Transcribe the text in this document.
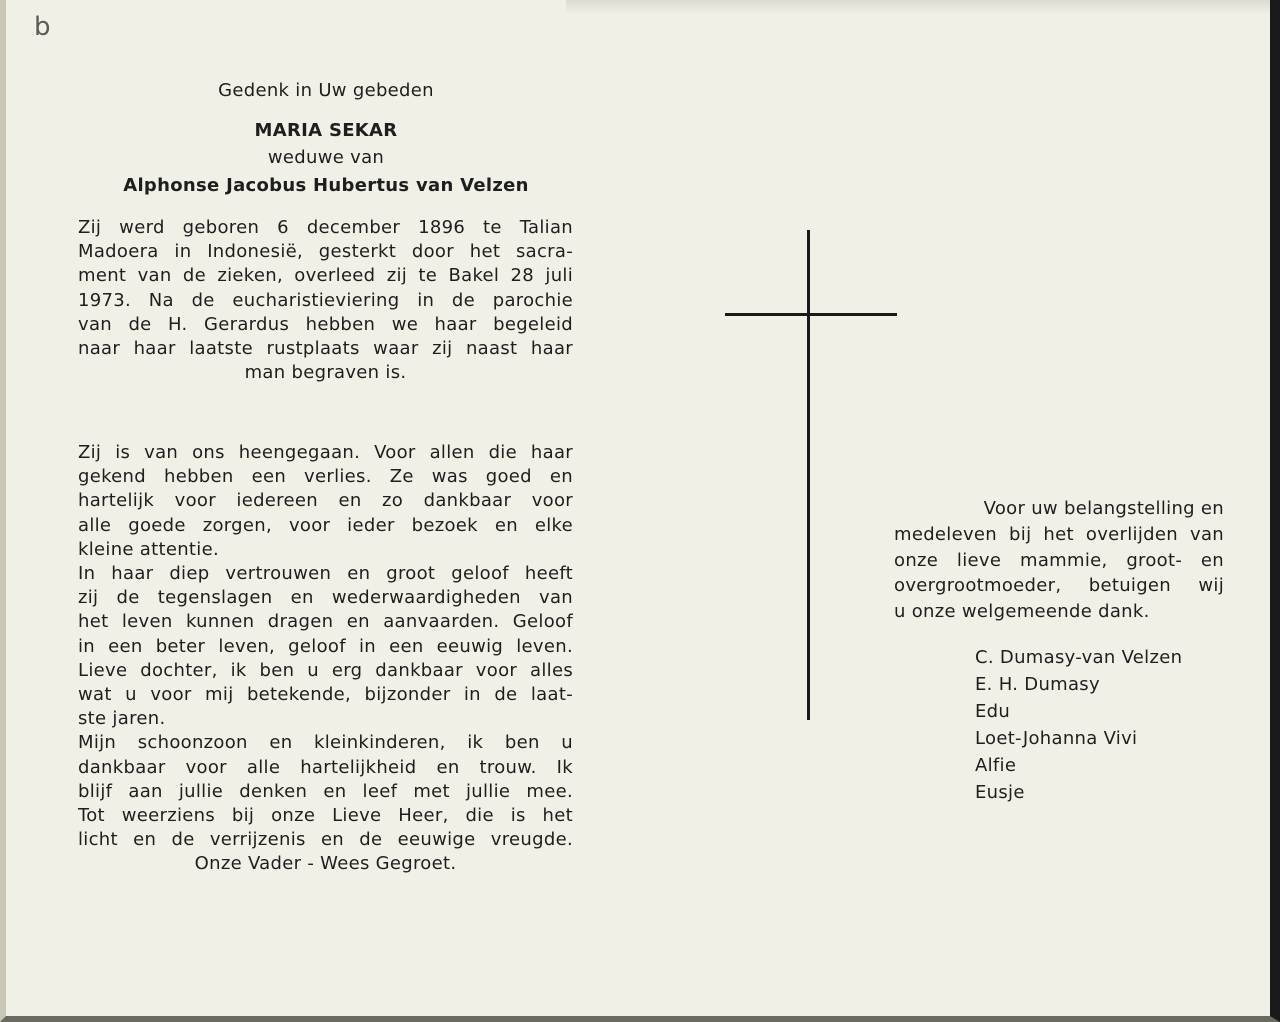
b
Gedenk in Uw gebeden
MARIA SEKAR
weduwe van
Alphonse Jacobus Hubertus van Velzen
Zij werd geboren 6 december 1896 te Talian
Madoera in Indonesië, gesterkt door het sacra-
ment van de zieken, overleed zij te Bakel 28 juli
1973. Na de eucharistieviering in de parochie
van de H. Gerardus hebben we haar begeleid
naar haar laatste rustplaats waar zij naast haar
man begraven is.
Zij is van ons heengegaan. Voor allen die haar
gekend hebben een verlies. Ze was goed en
hartelijk voor iedereen en zo dankbaar voor
alle goede zorgen, voor ieder bezoek en elke
kleine attentie.
In haar diep vertrouwen en groot geloof heeft
zij de tegenslagen en wederwaardigheden van
het leven kunnen dragen en aanvaarden. Geloof
in een beter leven, geloof in een eeuwig leven.
Lieve dochter, ik ben u erg dankbaar voor alles
wat u voor mij betekende, bijzonder in de laat-
ste jaren.
Mijn schoonzoon en kleinkinderen, ik ben u
dankbaar voor alle hartelijkheid en trouw. Ik
blijf aan jullie denken en leef met jullie mee.
Tot weerziens bij onze Lieve Heer, die is het
licht en de verrijzenis en de eeuwige vreugde.
Onze Vader - Wees Gegroet.
Voor uw belangstelling en
medeleven bij het overlijden van
onze lieve mammie, groot- en
overgrootmoeder, betuigen wij
u onze welgemeende dank.
C. Dumasy-van Velzen
E. H. Dumasy
Edu
Loet-Johanna Vivi
Alfie
Eusje
